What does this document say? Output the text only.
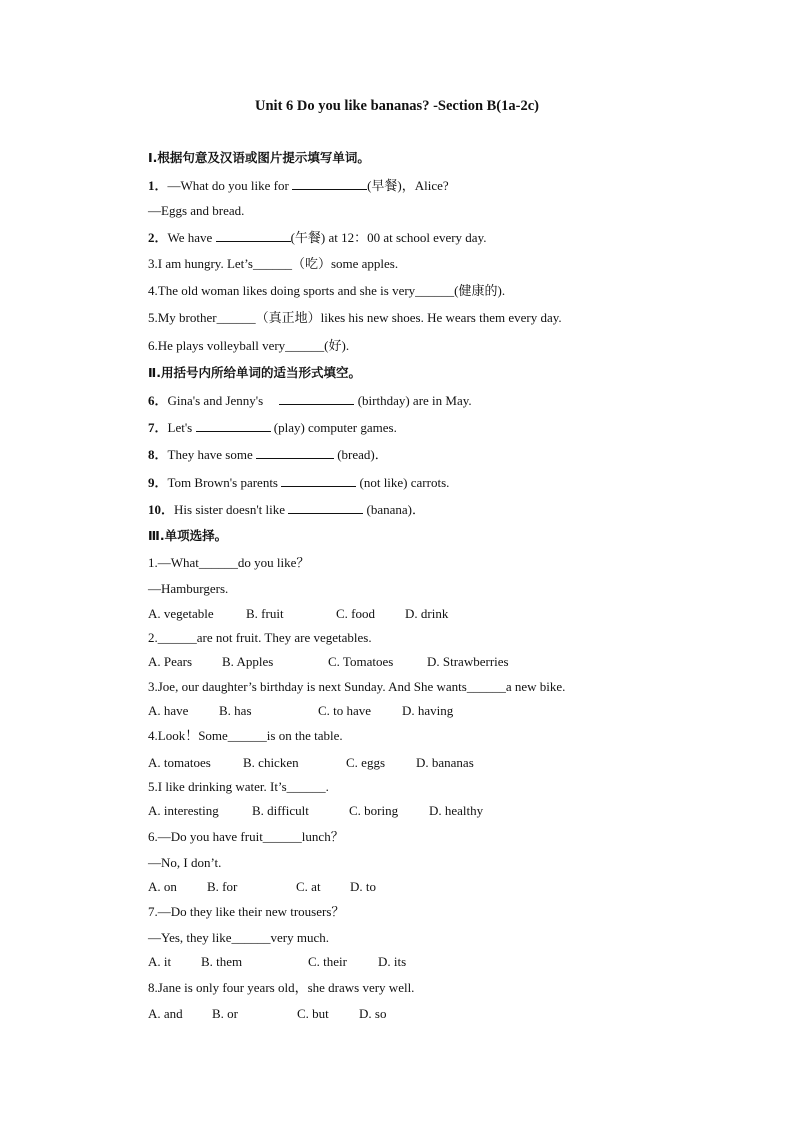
Unit 6 Do you like bananas? -Section B(1a-2c)
Ⅰ.根据句意及汉语或图片提示填写单词。
1．—What do you like for	(早餐)，Alice?
—Eggs and bread.
2．We have	(午餐) at 12：00 at school every day.
3.I am hungry. Let’s______（吃）some apples.
4.The old woman likes doing sports and she is very______(健康的).
5.My brother______（真正地）likes his new shoes. He wears them every day.
6.He plays volleyball very______(好).
Ⅱ.用括号内所给单词的适当形式填空。
6．Gina's and Jenny's	(birthday) are in May.
7．Let's	(play) computer games.
8．They have some	(bread)．
9．Tom Brown's parents	(not like) carrots.
10．His sister doesn't like	(banana)．
Ⅲ.单项选择。
1.—What______do you like？
—Hamburgers.
A. vegetable B. fruit	C. food D. drink
2.______are not fruit. They are vegetables.
A. Pears B. Apples	C. Tomatoes	D. Strawberries
3.Joe, our daughter’s birthday is next Sunday. And She wants______a new bike.
A. have B. has	C. to have D. having
4.Look！Some______is on the table.
A. tomatoes B. chicken	C. eggs D. bananas
5.I like drinking water. It’s______.
A. interesting	B. difficult	C. boring D. healthy
6.—Do you have fruit______lunch？
—No, I don’t.
A. on B. for	C. at D. to
7.—Do they like their new trousers？
—Yes, they like______very much.
A. it B. them	C. their D. its
8.Jane is only four years old，she draws very well.
A. and B. or	C. but D. so
